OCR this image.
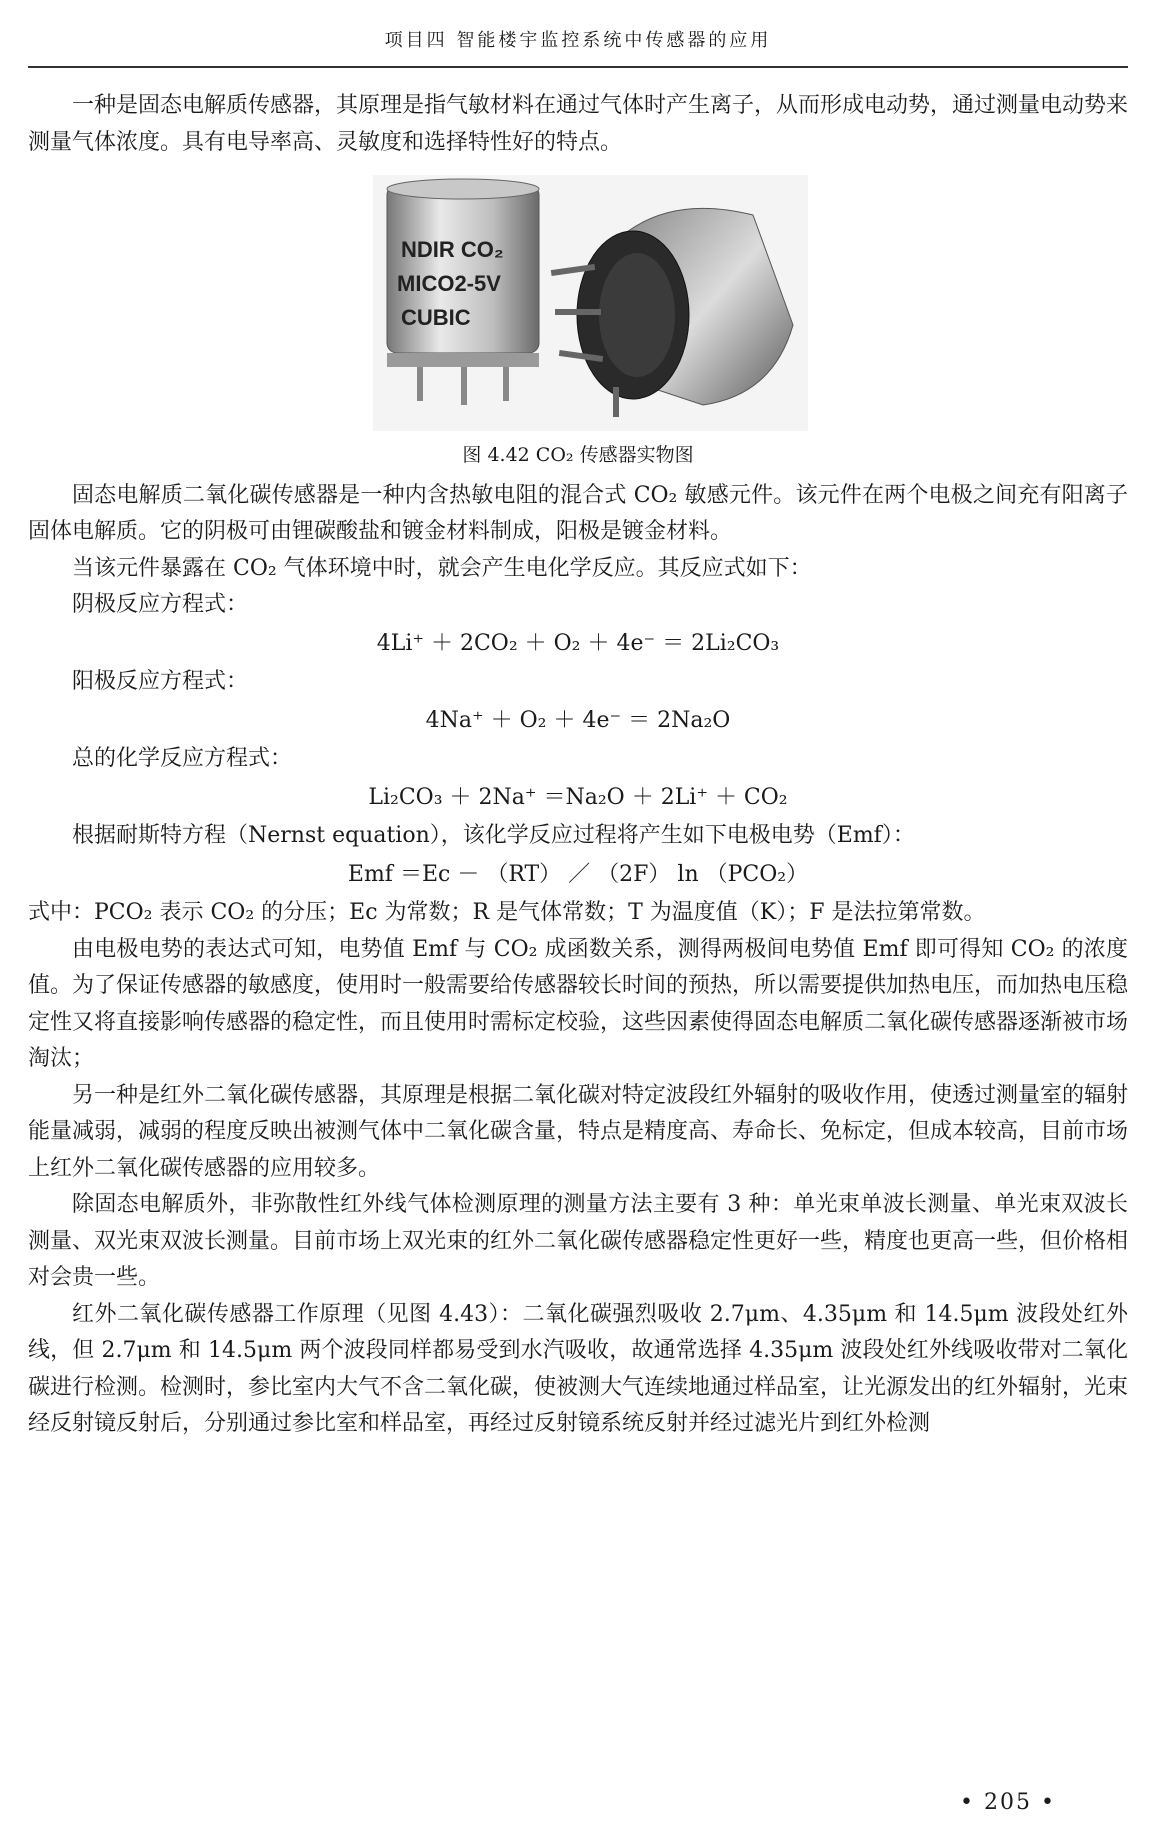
项目四 智能楼宇监控系统中传感器的应用

一种是固态电解质传感器，其原理是指气敏材料在通过气体时产生离子，从而形成电动势，通过测量电动势来测量气体浓度。具有电导率高、灵敏度和选择特性好的特点。

NDIR CO₂
MICO2-5V
CUBIC
图 4.42 CO₂ 传感器实物图

固态电解质二氧化碳传感器是一种内含热敏电阻的混合式 CO₂ 敏感元件。该元件在两个电极之间充有阳离子固体电解质。它的阴极可由锂碳酸盐和镀金材料制成，阳极是镀金材料。

当该元件暴露在 CO₂ 气体环境中时，就会产生电化学反应。其反应式如下：

阴极反应方程式：

4Li⁺ ＋ 2CO₂ ＋ O₂ ＋ 4e⁻ ＝ 2Li₂CO₃

阳极反应方程式：

4Na⁺ ＋ O₂ ＋ 4e⁻ ＝ 2Na₂O

总的化学反应方程式：

Li₂CO₃ ＋ 2Na⁺ ＝Na₂O ＋ 2Li⁺ ＋ CO₂

根据耐斯特方程（Nernst equation），该化学反应过程将产生如下电极电势（Emf）：

Emf ＝Ec － （RT） ／ （2F） ln （PCO₂）

式中：PCO₂ 表示 CO₂ 的分压；Ec 为常数；R 是气体常数；T 为温度值（K）；F 是法拉第常数。

由电极电势的表达式可知，电势值 Emf 与 CO₂ 成函数关系，测得两极间电势值 Emf 即可得知 CO₂ 的浓度值。为了保证传感器的敏感度，使用时一般需要给传感器较长时间的预热，所以需要提供加热电压，而加热电压稳定性又将直接影响传感器的稳定性，而且使用时需标定校验，这些因素使得固态电解质二氧化碳传感器逐渐被市场淘汰；

另一种是红外二氧化碳传感器，其原理是根据二氧化碳对特定波段红外辐射的吸收作用，使透过测量室的辐射能量减弱，减弱的程度反映出被测气体中二氧化碳含量，特点是精度高、寿命长、免标定，但成本较高，目前市场上红外二氧化碳传感器的应用较多。

除固态电解质外，非弥散性红外线气体检测原理的测量方法主要有 3 种：单光束单波长测量、单光束双波长测量、双光束双波长测量。目前市场上双光束的红外二氧化碳传感器稳定性更好一些，精度也更高一些，但价格相对会贵一些。

红外二氧化碳传感器工作原理（见图 4.43）：二氧化碳强烈吸收 2.7μm、4.35μm 和 14.5μm 波段处红外线，但 2.7μm 和 14.5μm 两个波段同样都易受到水汽吸收，故通常选择 4.35μm 波段处红外线吸收带对二氧化碳进行检测。检测时，参比室内大气不含二氧化碳，使被测大气连续地通过样品室，让光源发出的红外辐射，光束经反射镜反射后，分别通过参比室和样品室，再经过反射镜系统反射并经过滤光片到红外检测

• 205 •
